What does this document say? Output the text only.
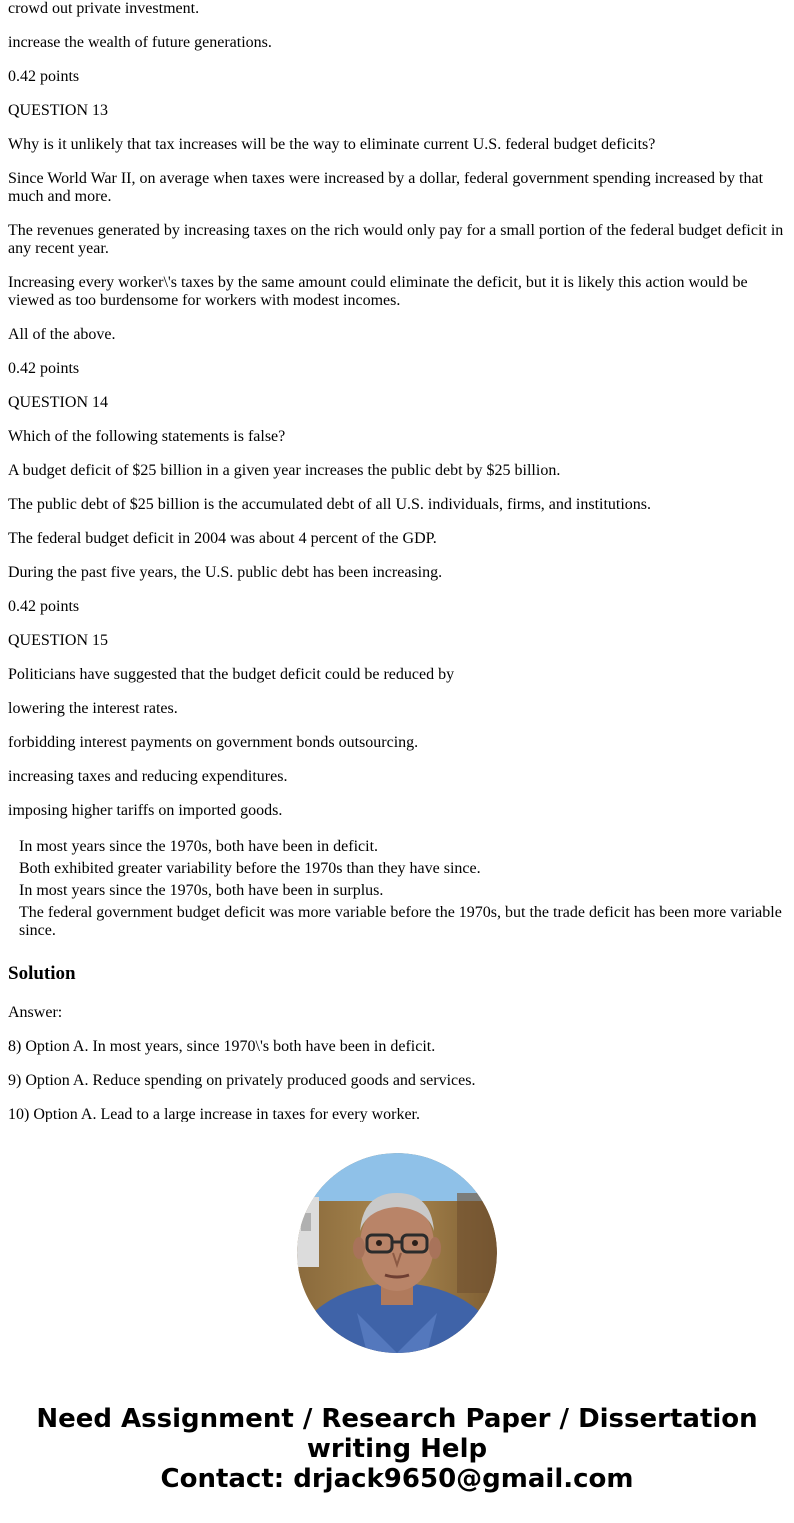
crowd out private investment.

increase the wealth of future generations.

0.42 points

QUESTION 13

Why is it unlikely that tax increases will be the way to eliminate current U.S. federal budget deficits?

Since World War II, on average when taxes were increased by a dollar, federal government spending increased by that much and more.

The revenues generated by increasing taxes on the rich would only pay for a small portion of the federal budget deficit in any recent year.

Increasing every worker\'s taxes by the same amount could eliminate the deficit, but it is likely this action would be viewed as too burdensome for workers with modest incomes.

All of the above.

0.42 points

QUESTION 14

Which of the following statements is false?

A budget deficit of $25 billion in a given year increases the public debt by $25 billion.

The public debt of $25 billion is the accumulated debt of all U.S. individuals, firms, and institutions.

The federal budget deficit in 2004 was about 4 percent of the GDP.

During the past five years, the U.S. public debt has been increasing.

0.42 points

QUESTION 15

Politicians have suggested that the budget deficit could be reduced by

lowering the interest rates.

forbidding interest payments on government bonds outsourcing.

increasing taxes and reducing expenditures.

imposing higher tariffs on imported goods.

In most years since the 1970s, both have been in deficit.
Both exhibited greater variability before the 1970s than they have since.
In most years since the 1970s, both have been in surplus.
The federal government budget deficit was more variable before the 1970s, but the trade deficit has been more variable since.
Solution

Answer:

8) Option A. In most years, since 1970\'s both have been in deficit.

9) Option A. Reduce spending on privately produced goods and services.

10) Option A. Lead to a large increase in taxes for every worker.

Need Assignment / Research Paper / Dissertation
writing Help
Contact: drjack9650@gmail.com
